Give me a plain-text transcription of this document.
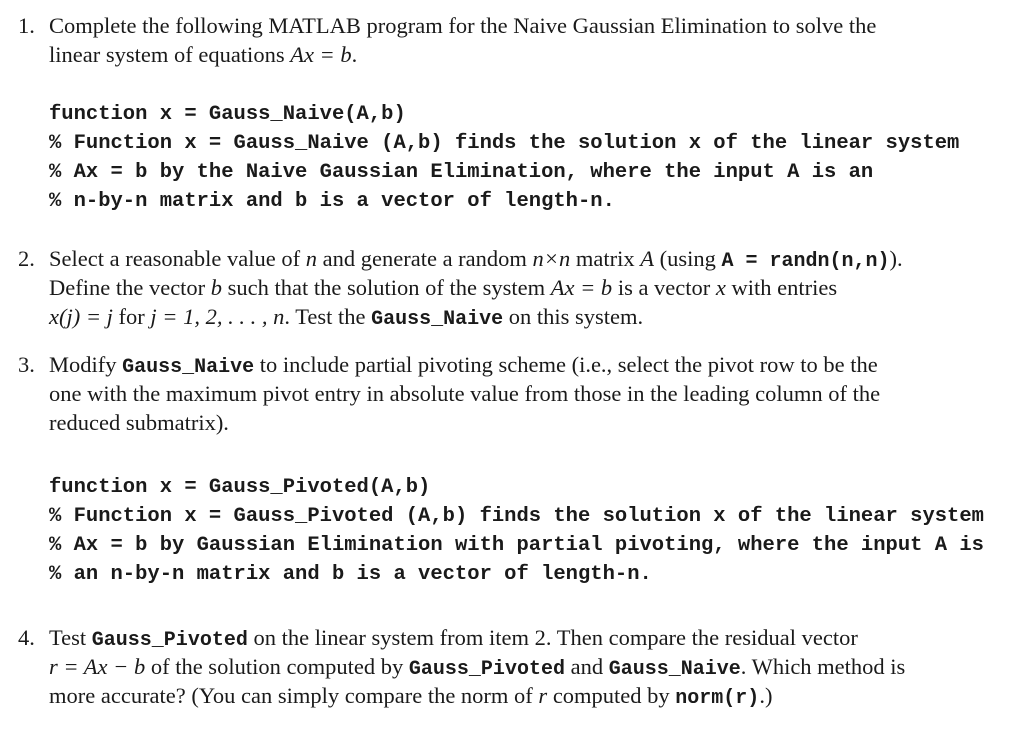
1. Complete the following MATLAB program for the Naive Gaussian Elimination to solve the
linear system of equations Ax = b.
function x = Gauss_Naive(A,b)
% Function x = Gauss_Naive (A,b) finds the solution x of the linear system
% Ax = b by the Naive Gaussian Elimination, where the input A is an
% n-by-n matrix and b is a vector of length-n.
2. Select a reasonable value of n and generate a random n×n matrix A (using A = randn(n,n)).
Define the vector b such that the solution of the system Ax = b is a vector x with entries
x(j) = j for j = 1, 2, . . . , n. Test the Gauss_Naive on this system.
3. Modify Gauss_Naive to include partial pivoting scheme (i.e., select the pivot row to be the
one with the maximum pivot entry in absolute value from those in the leading column of the
reduced submatrix).
function x = Gauss_Pivoted(A,b)
% Function x = Gauss_Pivoted (A,b) finds the solution x of the linear system
% Ax = b by Gaussian Elimination with partial pivoting, where the input A is
% an n-by-n matrix and b is a vector of length-n.
4. Test Gauss_Pivoted on the linear system from item 2. Then compare the residual vector
r = Ax − b of the solution computed by Gauss_Pivoted and Gauss_Naive. Which method is
more accurate? (You can simply compare the norm of r computed by norm(r).)
